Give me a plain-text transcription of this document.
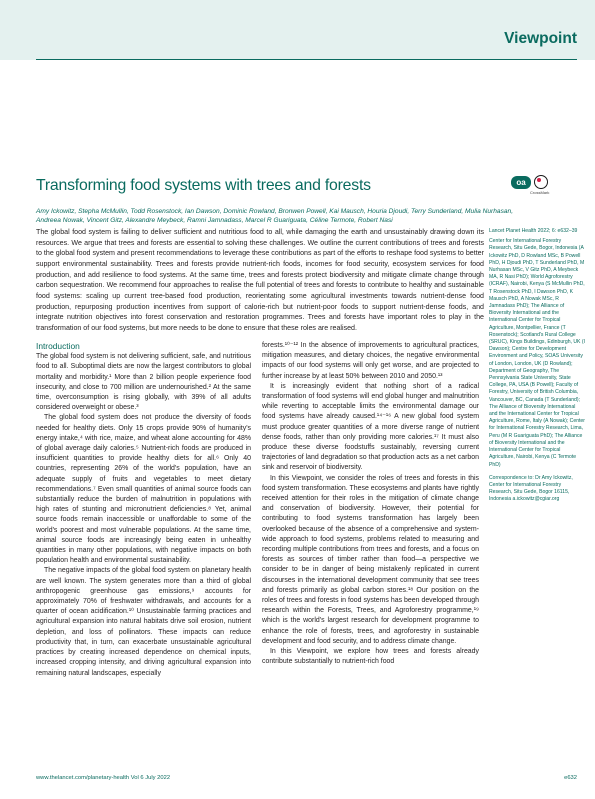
Viewpoint
Transforming food systems with trees and forests	oa
CrossMark
Amy Ickowitz, Stepha McMullin, Todd Rosenstock, Ian Dawson, Dominic Rowland, Bronwen Powell, Kai Mausch, Houria Djoudi, Terry Sunderland, Mulia Nurhasan, Andreea Nowak, Vincent Gitz, Alexandre Meybeck, Ramni Jamnadass, Marcel R Guariguata, Céline Termote, Robert Nasi
The global food system is failing to deliver sufficient and nutritious food to all, while damaging the earth and unsustainably drawing down its resources. We argue that trees and forests are essential to solving these challenges. We outline the current contributions of trees and forests to the global food system and present recommendations to leverage these contributions as part of the efforts to reshape food systems to better support environmental sustainability. Trees and forests provide nutrient-rich foods, incomes for food security, ecosystem services for food production, and add resilience to food systems. At the same time, trees and forests protect biodiversity and mitigate climate change through carbon sequestration. We recommend four approaches to realise the full potential of trees and forests to contribute to healthy and sustainable food systems: scaling up current tree-based food production, reorientating some agricultural investments towards nutrient-dense food production, repurposing production incentives from support of calorie-rich but nutrient-poor foods to support nutrient-dense foods, and integrate nutrition objectives into forest conservation and restoration programmes. Trees and forests have important roles to play in the transformation of our food systems, but more needs to be done to ensure that these roles are realised.
Introduction

The global food system is not delivering sufficient, safe, and nutritious food to all. Suboptimal diets are now the largest contributors to global mortality and morbidity.¹ More than 2 billion people experience food insecurity, and close to 700 million are undernourished.² At the same time, overconsumption is rising globally, with 39% of all adults considered overweight or obese.³

The global food system does not produce the diversity of foods needed for healthy diets. Only 15 crops provide 90% of humanity's energy intake,⁴ with rice, maize, and wheat alone accounting for 48% of global average daily calories.⁵ Nutrient-rich foods are produced in insufficient quantities to provide healthy diets for all.⁶ Only 40 countries, representing 26% of the world's population, have an adequate supply of fruits and vegetables to meet dietary recommendations.⁷ Even small quantities of animal source foods can substantially reduce the burden of malnutrition in populations with high rates of stunting and micronutrient deficiencies.⁸ Yet, animal source foods remain inaccessible or unaffordable to some of the world's poorest and most vulnerable populations. At the same time, animal source foods are increasingly being eaten in unhealthy quantities in many other populations, with negative impacts on both population health and environmental sustainability.

The negative impacts of the global food system on planetary health are well known. The system generates more than a third of global anthropogenic greenhouse gas emissions,⁹ accounts for approximately 70% of freshwater withdrawals, and accounts for a quarter of ocean acidification.¹⁰ Unsustainable farming practices and agricultural expansion into natural habitats drive soil erosion, nutrient depletion, and loss of pollinators. These impacts can reduce productivity that, in turn, can exacerbate unsustainable agricultural practices by creating increased dependence on chemical inputs, increased cropping intensity, and driving agricultural expansion into remaining natural landscapes, especially

forests.¹⁰⁻¹² In the absence of improvements to agricultural practices, mitigation measures, and dietary choices, the negative environmental impacts of our food systems will only get worse, and are projected to further increase by at least 50% between 2010 and 2050.¹³

It is increasingly evident that nothing short of a radical transformation of food systems will end global hunger and malnutrition while reverting to acceptable limits the environmental damage our food systems have already caused.¹⁴⁻¹⁶ A new global food system must produce greater quantities of a more diverse range of nutrient dense foods, rather than only providing more calories.¹⁷ It must also produce these diverse foodstuffs sustainably, reversing current trajectories of land degradation so that production acts as a net carbon sink and reservoir of biodiversity.

In this Viewpoint, we consider the roles of trees and forests in this food system transformation. These ecosystems and plants have rightly received attention for their roles in the mitigation of climate change and conservation of biodiversity. However, their potential for contributing to food systems transformation has largely been overlooked because of the absence of a comprehensive and system-wide approach to food systems, problems related to measuring and recording multiple contributions from trees and forests, and a focus on forests as sources of timber rather than food—a perspective we consider to be in danger of being mistakenly replicated in current discourses in the international development community that see trees and forests primarily as global carbon stores.¹⁸ Our position on the roles of trees and forests in food systems has been developed through research within the Forests, Trees, and Agroforestry programme,¹⁹ which is the world's largest research for development programme to enhance the role of forests, trees, and agroforestry in sustainable development and food security, and to address climate change.

In this Viewpoint, we explore how trees and forests already contribute substantially to nutrient-rich food

Lancet Planet Health 2022; 6: e632–39
Center for International Forestry Research, Situ Gede, Bogor, Indonesia (A Ickowitz PhD, D Rowland MSc, B Powell PhD, H Djoudi PhD, T Sunderland PhD, M Nurhasan MSc, V Gitz PhD, A Meybeck MA, R Nasi PhD); World Agroforestry (ICRAF), Nairobi, Kenya (S McMullin PhD, T Rosenstock PhD, I Dawson PhD, K Mausch PhD, A Nowak MSc, R Jamnadass PhD); The Alliance of Bioversity International and the International Center for Tropical Agriculture, Montpellier, France (T Rosenstock); Scotland's Rural College (SRUC), Kings Buildings, Edinburgh, UK (I Dawson); Centre for Development Environment and Policy, SOAS University of London, London, UK (D Rowland); Department of Geography, The Pennsylvania State University, State College, PA, USA (B Powell); Faculty of Forestry, University of British Columbia, Vancouver, BC, Canada (T Sunderland); The Alliance of Bioversity International and the International Center for Tropical Agriculture, Rome, Italy (A Nowak); Center for International Forestry Research, Lima, Peru (M R Guariguata PhD); The Alliance of Bioversity International and the International Center for Tropical Agriculture, Nairobi, Kenya (C Termote PhD)
Correspondence to: Dr Amy Ickowitz, Center for International Forestry Research, Situ Gede, Bogor 16115, Indonesia a.ickowitz@cgiar.org
www.thelancet.com/planetary-health Vol 6 July 2022	e632
